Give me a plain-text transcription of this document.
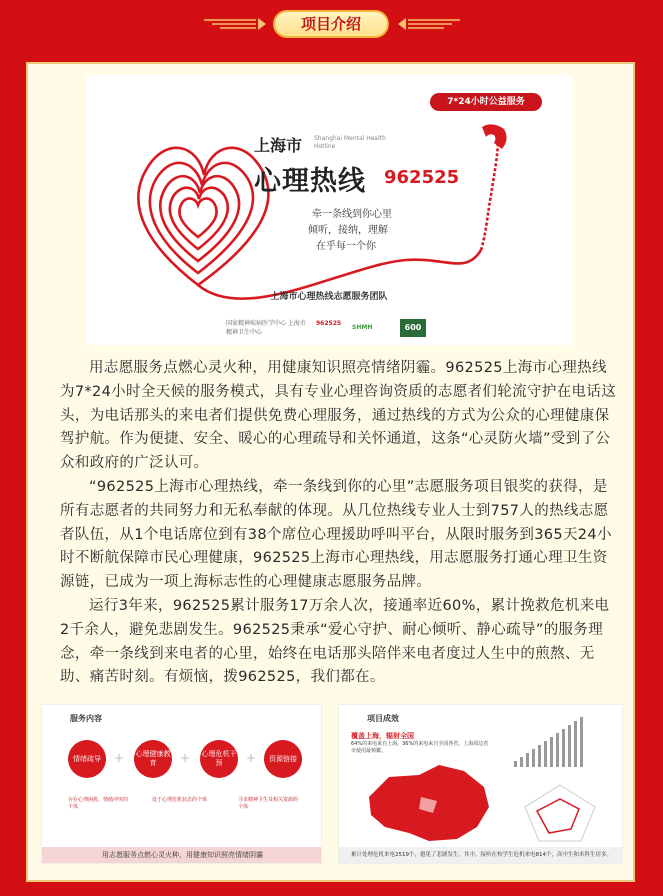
项目介绍
7*24小时公益服务
上海市 Shanghai Mental Health Hotline
心理热线 962525
牵一条线到你心里
倾听，接纳，理解
在乎每一个你
上海市心理热线志愿服务团队
国家精神疾病医学中心 上海市精神卫生中心
962525
SHMH	600

用志愿服务点燃心灵火种，用健康知识照亮情绪阴霾。962525上海市心理热线为7*24小时全天候的服务模式，具有专业心理咨询资质的志愿者们轮流守护在电话这头，为电话那头的来电者们提供免费心理服务，通过热线的方式为公众的心理健康保驾护航。作为便捷、安全、暖心的心理疏导和关怀通道，这条“心灵防火墙”受到了公众和政府的广泛认可。

“962525上海市心理热线，牵一条线到你的心里”志愿服务项目银奖的获得，是所有志愿者的共同努力和无私奉献的体现。从几位热线专业人士到757人的热线志愿者队伍，从1个电话席位到有38个席位心理援助呼叫平台，从限时服务到365天24小时不断航保障市民心理健康，962525上海市心理热线，用志愿服务打通心理卫生资源链，已成为一项上海标志性的心理健康志愿服务品牌。

运行3年来，962525累计服务17万余人次，接通率近60%，累计挽救危机来电2千余人，避免悲剧发生。962525秉承“爱心守护、耐心倾听、静心疏导”的服务理念，牵一条线到来电者的心里，始终在电话那头陪伴来电者度过人生中的煎熬、无助、痛苦时刻。有烦恼，拨962525，我们都在。

服务内容
情绪疏导	+ 心理健康教育	+ 心理危机干预	+	资源链接
存在心理困扰、情绪冲突的个体
处于心理危机状态的个体	寻求精神卫生及相关资源的个体
用志愿服务点燃心灵火种，用健康知识照亮情绪阴霾
项目成效
覆盖上海，辐射全国
64%的来电来自上海，36%的来电来自全国各省，上海周边省市使用最频繁。
累计处理危机来电2519个，避免了悲剧发生。其中，接听在校学生危机来电814个，高中生和本科生居多。
